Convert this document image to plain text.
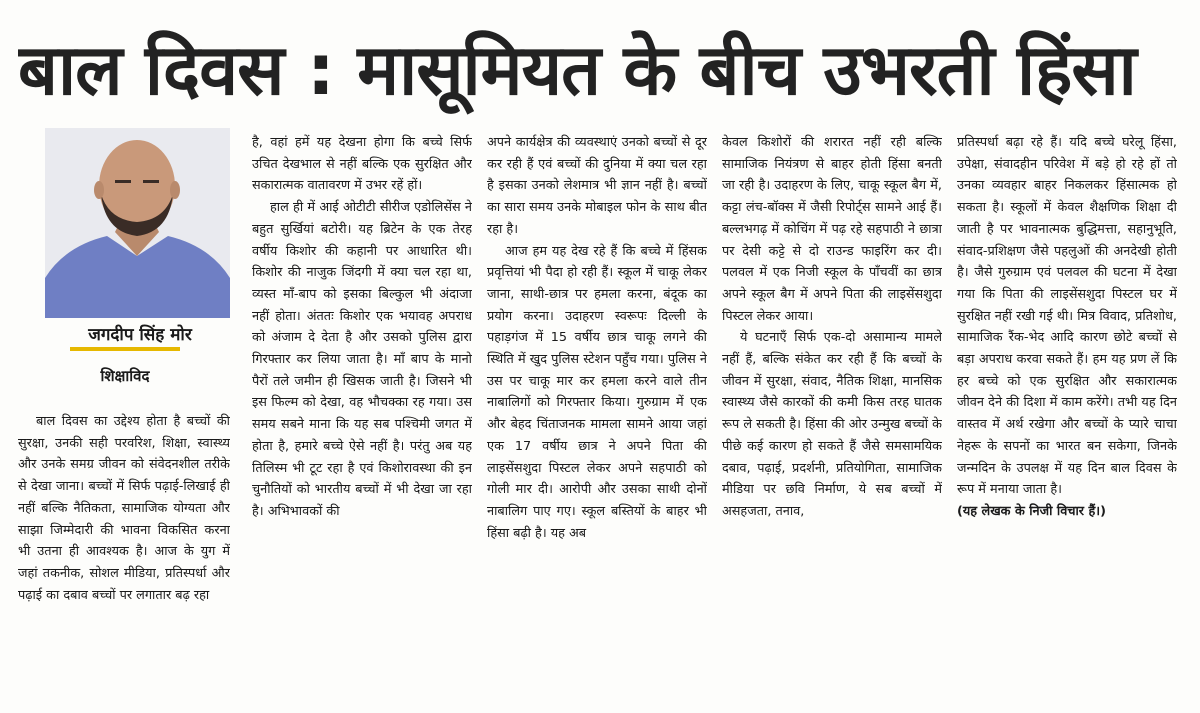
बाल दिवस : मासूमियत के बीच उभरती हिंसा
जगदीप सिंह मोर
शिक्षाविद

बाल दिवस का उद्देश्य होता है बच्चों की सुरक्षा, उनकी सही परवरिश, शिक्षा, स्वास्थ्य और उनके समग्र जीवन को संवेदनशील तरीके से देखा जाना। बच्चों में सिर्फ पढ़ाई-लिखाई ही नहीं बल्कि नैतिकता, सामाजिक योग्यता और साझा जिम्मेदारी की भावना विकसित करना भी उतना ही आवश्यक है। आज के युग में जहां तकनीक, सोशल मीडिया, प्रतिस्पर्धा और पढ़ाई का दबाव बच्चों पर लगातार बढ़ रहा

है, वहां हमें यह देखना होगा कि बच्चे सिर्फ उचित देखभाल से नहीं बल्कि एक सुरक्षित और सकारात्मक वातावरण में उभर रहें हों।

हाल ही में आई ओटीटी सीरीज एडोलिसेंस ने बहुत सुर्खियां बटोरी। यह ब्रिटेन के एक तेरह वर्षीय किशोर की कहानी पर आधारित थी। किशोर की नाजुक जिंदगी में क्या चल रहा था, व्यस्त माँ-बाप को इसका बिल्कुल भी अंदाजा नहीं होता। अंततः किशोर एक भयावह अपराध को अंजाम दे देता है और उसको पुलिस द्वारा गिरफ्तार कर लिया जाता है। माँ बाप के मानो पैरों तले जमीन ही खिसक जाती है। जिसने भी इस फिल्म को देखा, वह भौचक्का रह गया। उस समय सबने माना कि यह सब पश्चिमी जगत में होता है, हमारे बच्चे ऐसे नहीं है। परंतु अब यह तिलिस्म भी टूट रहा है एवं किशोरावस्था की इन चुनौतियों को भारतीय बच्चों में भी देखा जा रहा है। अभिभावकों की

अपने कार्यक्षेत्र की व्यवस्थाएं उनको बच्चों से दूर कर रही हैं एवं बच्चों की दुनिया में क्या चल रहा है इसका उनको लेशमात्र भी ज्ञान नहीं है। बच्चों का सारा समय उनके मोबाइल फोन के साथ बीत रहा है।

आज हम यह देख रहे हैं कि बच्चे में हिंसक प्रवृत्तियां भी पैदा हो रही हैं। स्कूल में चाकू लेकर जाना, साथी-छात्र पर हमला करना, बंदूक का प्रयोग करना। उदाहरण स्वरूपः दिल्ली के पहाड़गंज में 15 वर्षीय छात्र चाकू लगने की स्थिति में खुद पुलिस स्टेशन पहुँच गया। पुलिस ने उस पर चाकू मार कर हमला करने वाले तीन नाबालिगों को गिरफ्तार किया। गुरुग्राम में एक और बेहद चिंताजनक मामला सामने आया जहां एक 17 वर्षीय छात्र ने अपने पिता की लाइसेंसशुदा पिस्टल लेकर अपने सहपाठी को गोली मार दी। आरोपी और उसका साथी दोनों नाबालिग पाए गए। स्कूल बस्तियों के बाहर भी हिंसा बढ़ी है। यह अब

केवल किशोरों की शरारत नहीं रही बल्कि सामाजिक नियंत्रण से बाहर होती हिंसा बनती जा रही है। उदाहरण के लिए, चाकू स्कूल बैग में, कट्टा लंच-बॉक्स में जैसी रिपोर्ट्स सामने आई हैं। बल्लभगढ़ में कोचिंग में पढ़ रहे सहपाठी ने छात्रा पर देसी कट्टे से दो राउन्ड फाइरिंग कर दी। पलवल में एक निजी स्कूल के पाँचवीं का छात्र अपने स्कूल बैग में अपने पिता की लाइसेंसशुदा पिस्टल लेकर आया।

ये घटनाएँ सिर्फ एक-दो असामान्य मामले नहीं हैं, बल्कि संकेत कर रही हैं कि बच्चों के जीवन में सुरक्षा, संवाद, नैतिक शिक्षा, मानसिक स्वास्थ्य जैसे कारकों की कमी किस तरह घातक रूप ले सकती है। हिंसा की ओर उन्मुख बच्चों के पीछे कई कारण हो सकते हैं जैसे समसामयिक दबाव, पढ़ाई, प्रदर्शनी, प्रतियोगिता, सामाजिक मीडिया पर छवि निर्माण, ये सब बच्चों में असहजता, तनाव,

प्रतिस्पर्धा बढ़ा रहे हैं। यदि बच्चे घरेलू हिंसा, उपेक्षा, संवादहीन परिवेश में बड़े हो रहे हों तो उनका व्यवहार बाहर निकलकर हिंसात्मक हो सकता है। स्कूलों में केवल शैक्षणिक शिक्षा दी जाती है पर भावनात्मक बुद्धिमत्ता, सहानुभूति, संवाद-प्रशिक्षण जैसे पहलुओं की अनदेखी होती है। जैसे गुरुग्राम एवं पलवल की घटना में देखा गया कि पिता की लाइसेंसशुदा पिस्टल घर में सुरक्षित नहीं रखी गई थी। मित्र विवाद, प्रतिशोध, सामाजिक रैंक-भेद आदि कारण छोटे बच्चों से बड़ा अपराध करवा सकते हैं। हम यह प्रण लें कि हर बच्चे को एक सुरक्षित और सकारात्मक जीवन देने की दिशा में काम करेंगे। तभी यह दिन वास्तव में अर्थ रखेगा और बच्चों के प्यारे चाचा नेहरू के सपनों का भारत बन सकेगा, जिनके जन्मदिन के उपलक्ष में यह दिन बाल दिवस के रूप में मनाया जाता है।

(यह लेखक के निजी विचार हैं।)
